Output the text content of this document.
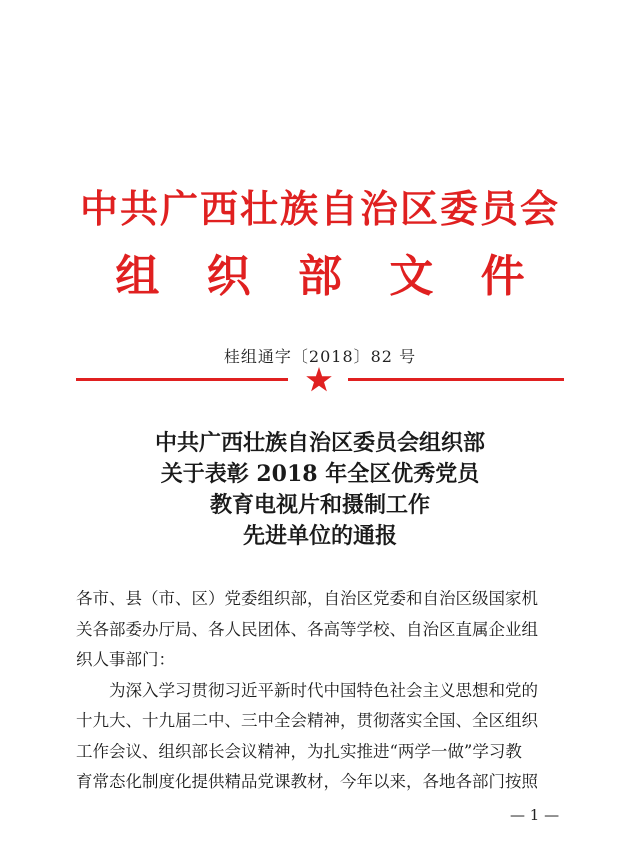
中共广西壮族自治区委员会
组 织 部 文 件
桂组通字〔2018〕82 号
中共广西壮族自治区委员会组织部
关于表彰 2018 年全区优秀党员
教育电视片和摄制工作
先进单位的通报
各市、县（市、区）党委组织部，自治区党委和自治区级国家机
关各部委办厅局、各人民团体、各高等学校、自治区直属企业组
织人事部门：
为深入学习贯彻习近平新时代中国特色社会主义思想和党的
十九大、十九届二中、三中全会精神，贯彻落实全国、全区组织
工作会议、组织部长会议精神，为扎实推进“两学一做”学习教
育常态化制度化提供精品党课教材，今年以来，各地各部门按照
— 1 —
